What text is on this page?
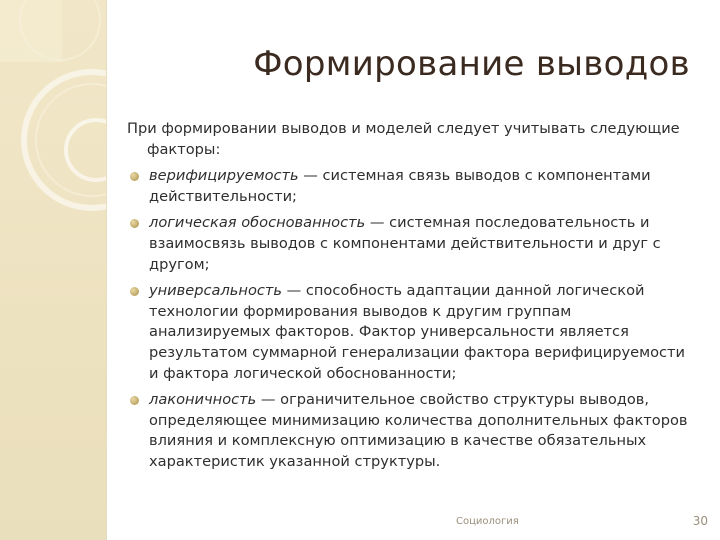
Формирование выводов

При формировании выводов и моделей следует учитывать следующие факторы:

верифицируемость — системная связь выводов с компонентами действительности;
логическая обоснованность — системная последовательность и взаимосвязь выводов с компонентами действительности и друг с другом;
универсальность — способность адаптации данной логической технологии формирования выводов к другим группам анализируемых факторов. Фактор универсальности является результатом суммарной генерализации фактора верифицируемости и фактора логической обоснованности;
лаконичность — ограничительное свойство структуры выводов, определяющее минимизацию количества дополнительных факторов влияния и комплексную оптимизацию в качестве обязательных характеристик указанной структуры.
Социология	30
